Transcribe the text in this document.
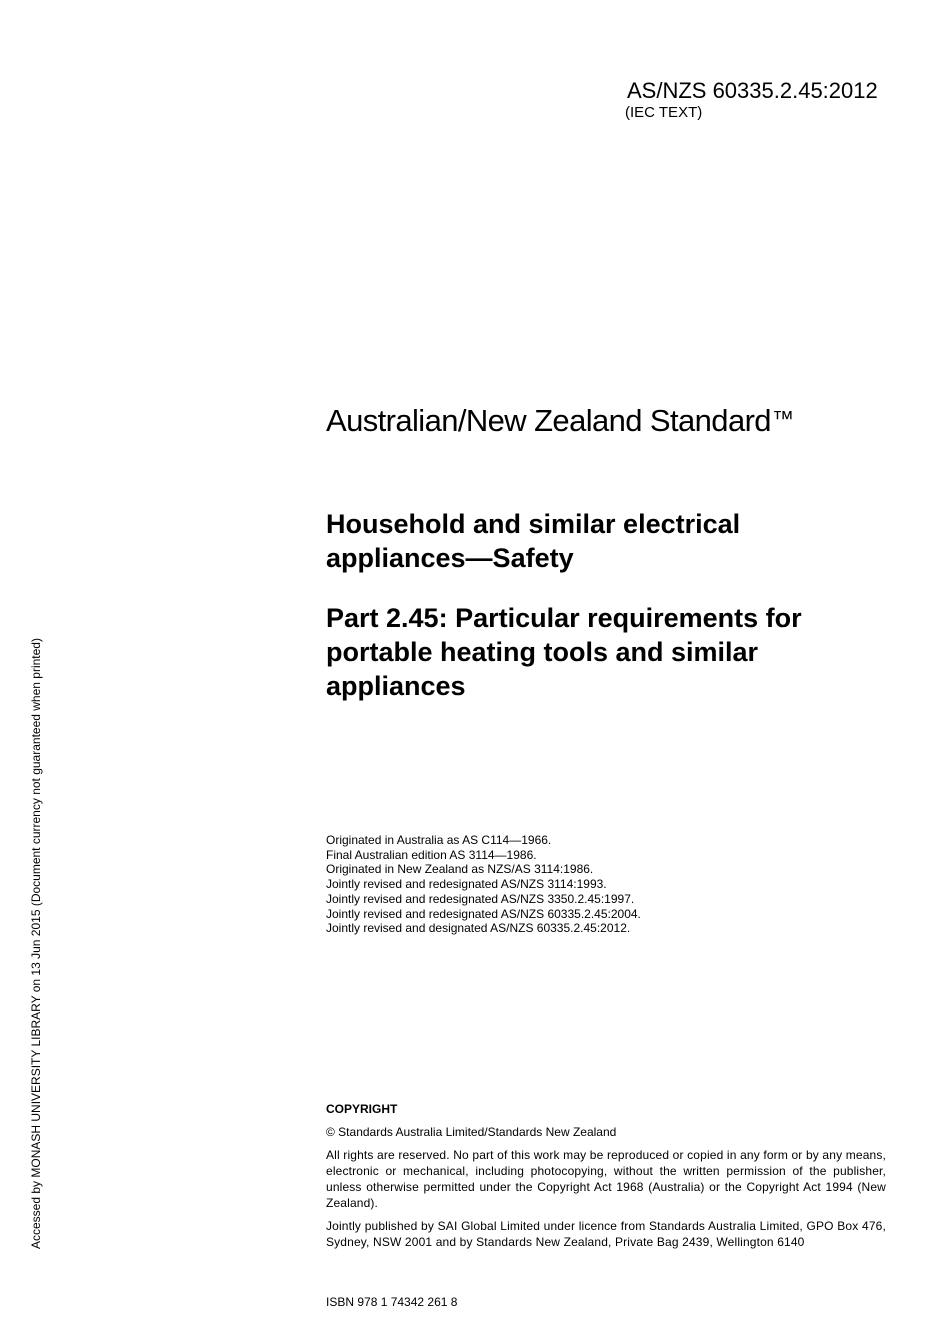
AS/NZS 60335.2.45:2012
(IEC TEXT)
Australian/New Zealand Standard™
Household and similar electrical appliances—Safety
Part 2.45: Particular requirements for portable heating tools and similar appliances
Originated in Australia as AS C114—1966.
Final Australian edition AS 3114—1986.
Originated in New Zealand as NZS/AS 3114:1986.
Jointly revised and redesignated AS/NZS 3114:1993.
Jointly revised and redesignated AS/NZS 3350.2.45:1997.
Jointly revised and redesignated AS/NZS 60335.2.45:2004.
Jointly revised and designated AS/NZS 60335.2.45:2012.

COPYRIGHT

© Standards Australia Limited/Standards New Zealand

All rights are reserved. No part of this work may be reproduced or copied in any form or by any means, electronic or mechanical, including photocopying, without the written permission of the publisher, unless otherwise permitted under the Copyright Act 1968 (Australia) or the Copyright Act 1994 (New Zealand).

Jointly published by SAI Global Limited under licence from Standards Australia Limited, GPO Box 476, Sydney, NSW 2001 and by Standards New Zealand, Private Bag 2439, Wellington 6140

ISBN 978 1 74342 261 8
Accessed by MONASH UNIVERSITY LIBRARY on 13 Jun 2015 (Document currency not guaranteed when printed)
